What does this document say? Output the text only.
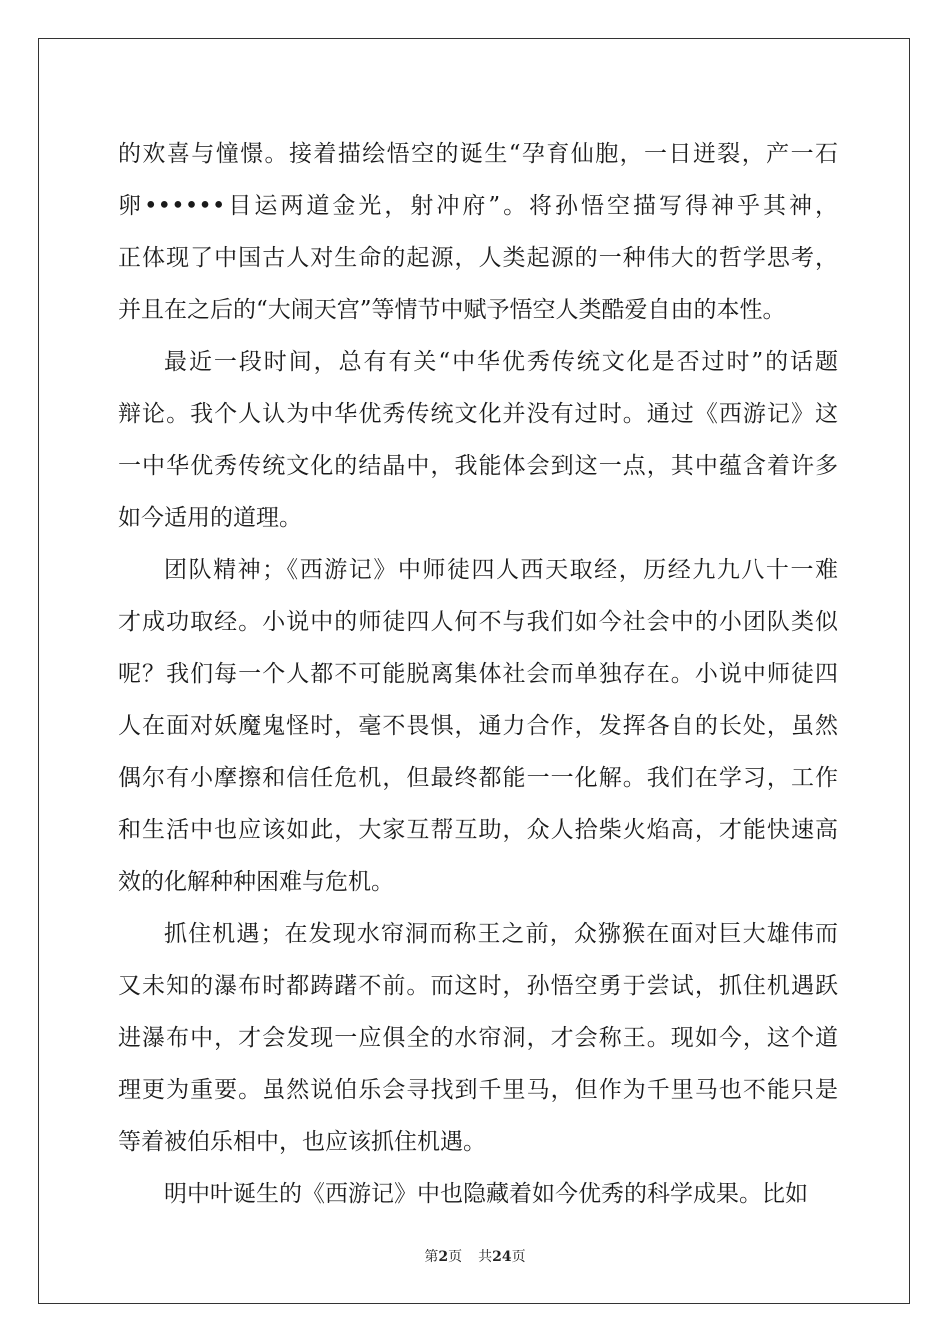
的欢喜与憧憬。接着描绘悟空的诞生“孕育仙胞，一日迸裂，产一石
卵••••••目运两道金光，射冲府”。将孙悟空描写得神乎其神，
正体现了中国古人对生命的起源，人类起源的一种伟大的哲学思考，
并且在之后的“大闹天宫”等情节中赋予悟空人类酷爱自由的本性。
最近一段时间，总有有关“中华优秀传统文化是否过时”的话题
辩论。我个人认为中华优秀传统文化并没有过时。通过《西游记》这
一中华优秀传统文化的结晶中，我能体会到这一点，其中蕴含着许多
如今适用的道理。
团队精神；《西游记》中师徒四人西天取经，历经九九八十一难
才成功取经。小说中的师徒四人何不与我们如今社会中的小团队类似
呢？我们每一个人都不可能脱离集体社会而单独存在。小说中师徒四
人在面对妖魔鬼怪时，毫不畏惧，通力合作，发挥各自的长处，虽然
偶尔有小摩擦和信任危机，但最终都能一一化解。我们在学习，工作
和生活中也应该如此，大家互帮互助，众人拾柴火焰高，才能快速高
效的化解种种困难与危机。
抓住机遇；在发现水帘洞而称王之前，众猕猴在面对巨大雄伟而
又未知的瀑布时都踌躇不前。而这时，孙悟空勇于尝试，抓住机遇跃
进瀑布中，才会发现一应俱全的水帘洞，才会称王。现如今，这个道
理更为重要。虽然说伯乐会寻找到千里马，但作为千里马也不能只是
等着被伯乐相中，也应该抓住机遇。
明中叶诞生的《西游记》中也隐藏着如今优秀的科学成果。比如
第2页 共24页
